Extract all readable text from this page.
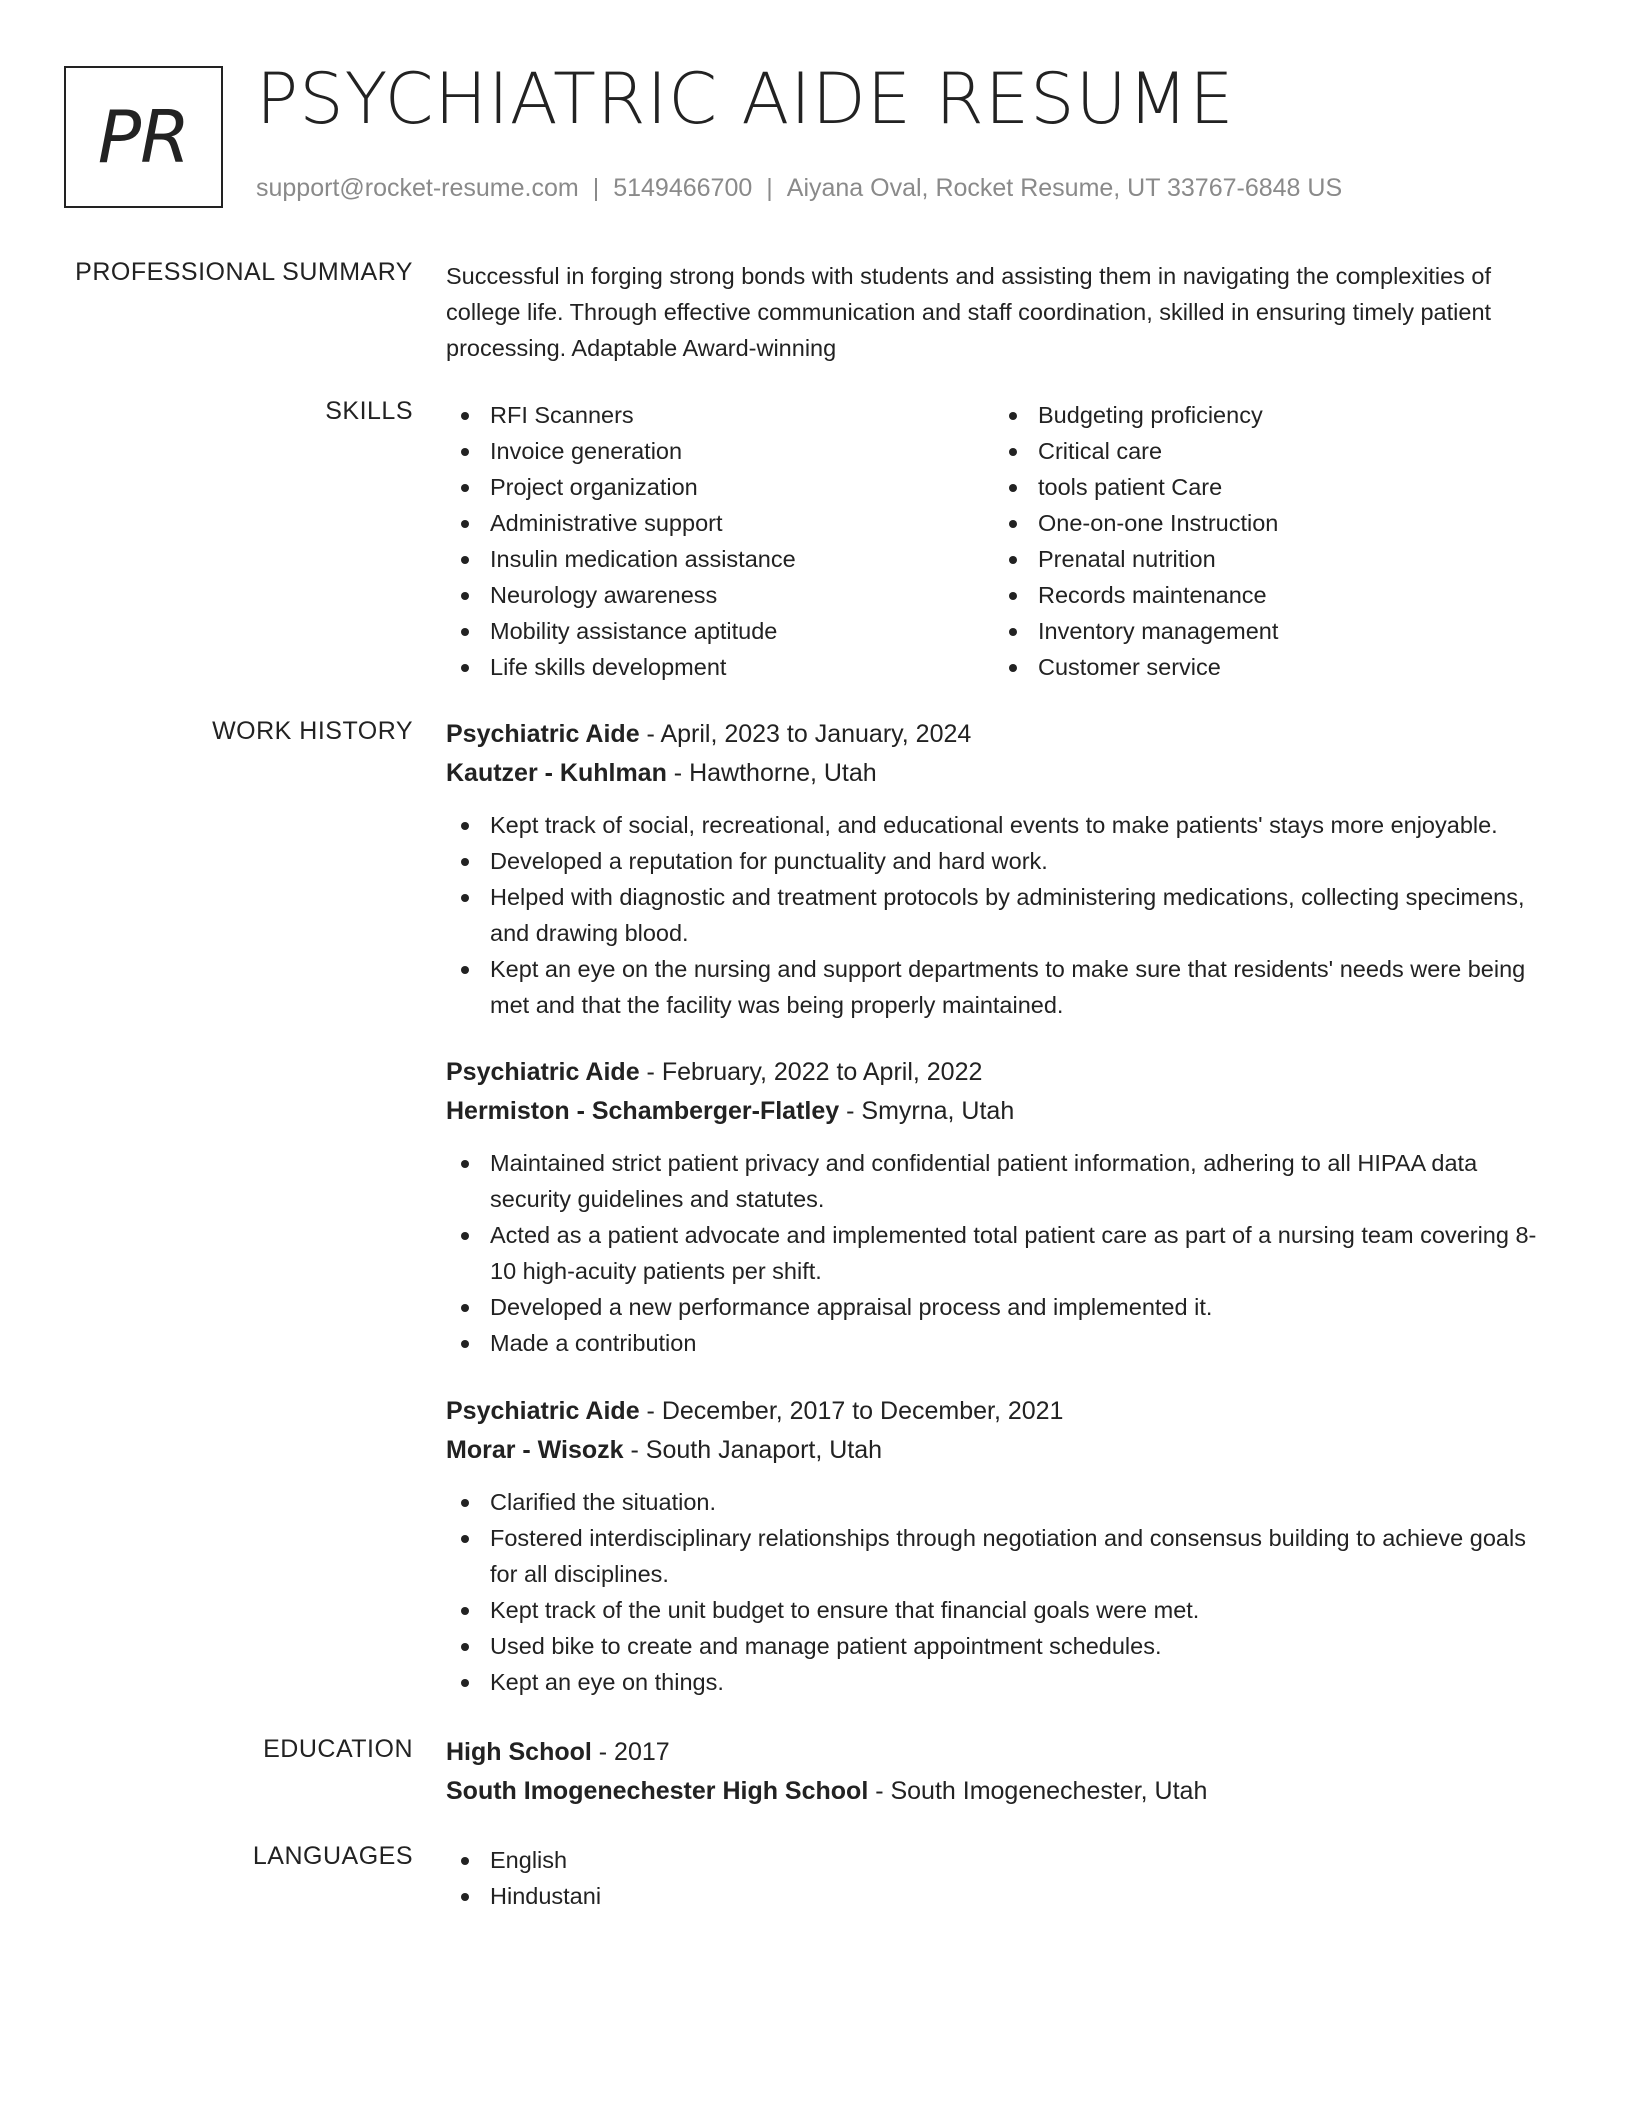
PR PSYCHIATRIC AIDE RESUME
support@rocket-resume.com | 5149466700 | Aiyana Oval, Rocket Resume, UT 33767-6848 US
PROFESSIONAL SUMMARY Successful in forging strong bonds with students and assisting them in navigating the complexities of college life. Through effective communication and staff coordination, skilled in ensuring timely patient processing. Adaptable Award-winning
SKILLS	RFI Scanners
Invoice generation
Project organization
Administrative support
Insulin medication assistance
Neurology awareness
Mobility assistance aptitude
Life skills development
Budgeting proficiency
Critical care
tools patient Care
One-on-one Instruction
Prenatal nutrition
Records maintenance
Inventory management
Customer service
WORK HISTORY Psychiatric Aide - April, 2023 to January, 2024
Kautzer - Kuhlman - Hawthorne, Utah
Kept track of social, recreational, and educational events to make patients' stays more enjoyable.
Developed a reputation for punctuality and hard work.
Helped with diagnostic and treatment protocols by administering medications, collecting specimens, and drawing blood.
Kept an eye on the nursing and support departments to make sure that residents' needs were being met and that the facility was being properly maintained.
Psychiatric Aide - February, 2022 to April, 2022
Hermiston - Schamberger-Flatley - Smyrna, Utah
Maintained strict patient privacy and confidential patient information, adhering to all HIPAA data security guidelines and statutes.
Acted as a patient advocate and implemented total patient care as part of a nursing team covering 8-10 high-acuity patients per shift.
Developed a new performance appraisal process and implemented it.
Made a contribution
Psychiatric Aide - December, 2017 to December, 2021
Morar - Wisozk - South Janaport, Utah
Clarified the situation.
Fostered interdisciplinary relationships through negotiation and consensus building to achieve goals for all disciplines.
Kept track of the unit budget to ensure that financial goals were met.
Used bike to create and manage patient appointment schedules.
Kept an eye on things.
EDUCATION High School - 2017
South Imogenechester High School - South Imogenechester, Utah
LANGUAGES	English
Hindustani
